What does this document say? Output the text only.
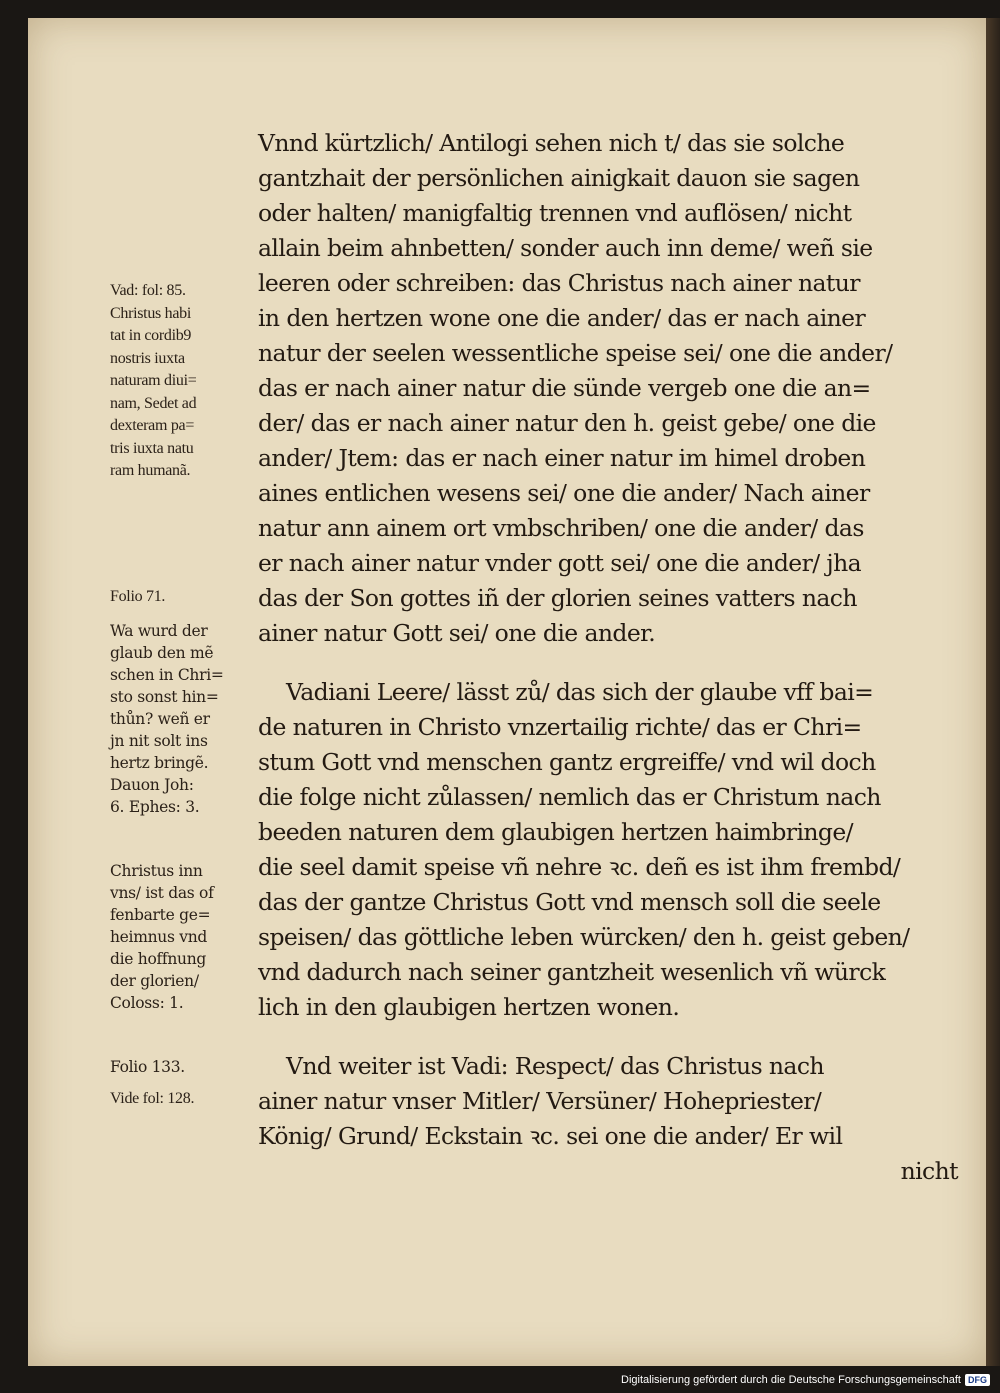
Vnnd kürtzlich/ Antilogi sehen nich t/ das sie solche
gantzhait der persönlichen ainigkait dauon sie sagen
oder halten/ manigfaltig trennen vnd auflösen/ nicht
allain beim ahnbetten/ sonder auch inn deme/ weñ sie
leeren oder schreiben: das Christus nach ainer natur
in den hertzen wone one die ander/ das er nach ainer
natur der seelen wessentliche speise sei/ one die ander/
das er nach ainer natur die sünde vergeb one die an=
der/ das er nach ainer natur den h. geist gebe/ one die
ander/ Jtem: das er nach einer natur im himel droben
aines entlichen wesens sei/ one die ander/ Nach ainer
natur ann ainem ort vmbschriben/ one die ander/ das
er nach ainer natur vnder gott sei/ one die ander/ jha
das der Son gottes iñ der glorien seines vatters nach
ainer natur Gott sei/ one die ander.
Vadiani Leere/ lässt zů/ das sich der glaube vff bai=
de naturen in Christo vnzertailig richte/ das er Chri=
stum Gott vnd menschen gantz ergreiffe/ vnd wil doch
die folge nicht zůlassen/ nemlich das er Christum nach
beeden naturen dem glaubigen hertzen haimbringe/
die seel damit speise vñ nehre ꝛc. deñ es ist ihm frembd/
das der gantze Christus Gott vnd mensch soll die seele
speisen/ das göttliche leben würcken/ den h. geist geben/
vnd dadurch nach seiner gantzheit wesenlich vñ würck
lich in den glaubigen hertzen wonen.
Vnd weiter ist Vadi: Respect/ das Christus nach
ainer natur vnser Mitler/ Versüner/ Hohepriester/
König/ Grund/ Eckstain ꝛc. sei one die ander/ Er wil
nicht
Vad: fol: 85.
Christus habi
tat in cordib9
nostris iuxta
naturam diui=
nam, Sedet ad
dexteram pa=
tris iuxta natu
ram humanã.
Folio 71.
Wa wurd der
glaub den mẽ
schen in Chri=
sto sonst hin=
thůn? weñ er
jn nit solt ins
hertz bringẽ.
Dauon Joh:
6. Ephes: 3.
Christus inn
vns/ ist das of
fenbarte ge=
heimnus vnd
die hoffnung
der glorien/
Coloss: 1.
Folio 133.
Vide fol: 128.
Digitalisierung gefördert durch die Deutsche Forschungsgemeinschaft DFG
